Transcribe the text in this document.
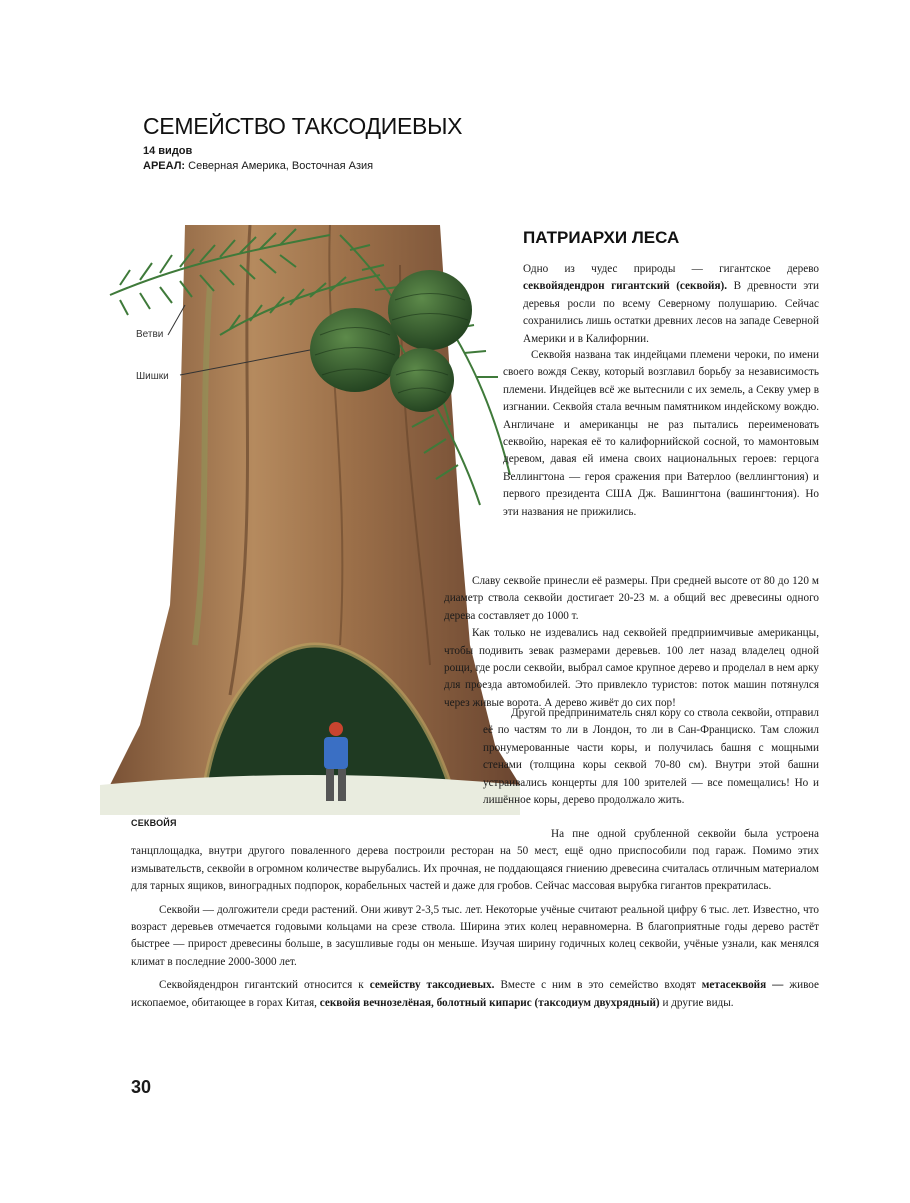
СЕМЕЙСТВО ТАКСОДИЕВЫХ
14 видов
АРЕАЛ: Северная Америка, Восточная Азия
Ветви
Шишки
СЕКВОЙЯ
ПАТРИАРХИ ЛЕСА

Одно из чудес природы — гигантское дерево секвойядендрон гигантский (секвойя). В древности эти деревья росли по всему Северному полушарию. Сейчас сохранились лишь остатки древних лесов на западе Северной Америки и в Калифорнии.

Секвойя названа так индейцами племени чероки, по имени своего вождя Секву, который возглавил борьбу за независимость племени. Индейцев всё же вытеснили с их земель, а Секву умер в изгнании. Секвойя стала вечным памятником индейскому вождю. Англичане и американцы не раз пытались переименовать секвойю, нарекая её то калифорнийской сосной, то мамонтовым деревом, давая ей имена своих национальных героев: герцога Веллингтона — героя сражения при Ватерлоо (веллингтония) и первого президента США Дж. Вашингтона (вашингтония). Но эти названия не прижились.

Славу секвойе принесли её размеры. При средней высоте от 80 до 120 м диаметр ствола секвойи достигает 20-23 м. а общий вес древесины одного дерева составляет до 1000 т.

Как только не издевались над секвойей предприимчивые американцы, чтобы подивить зевак размерами деревьев. 100 лет назад владелец одной рощи, где росли секвойи, выбрал самое крупное дерево и проделал в нем арку для проезда автомобилей. Это привлекло туристов: поток машин потянулся через живые ворота. А дерево живёт до сих пор!

Другой предприниматель снял кору со ствола секвойи, отправил её по частям то ли в Лондон, то ли в Сан-Франциско. Там сложил пронумерованные части коры, и получилась башня с мощными стенами (толщина коры секвой 70-80 см). Внутри этой башни устраивались концерты для 100 зрителей — все помещались! Но и лишённое коры, дерево продолжало жить.

На пне одной срубленной секвойи была устроена танцплощадка, внутри другого поваленного дерева построили ресторан на 50 мест, ещё одно приспособили под гараж. Помимо этих измывательств, секвойи в огромном количестве вырубались. Их прочная, не поддающаяся гниению древесина считалась отличным материалом для тарных ящиков, виноградных подпорок, корабельных частей и даже для гробов. Сейчас массовая вырубка гигантов прекратилась.

Секвойи — долгожители среди растений. Они живут 2-3,5 тыс. лет. Некоторые учёные считают реальной цифру 6 тыс. лет. Известно, что возраст деревьев отмечается годовыми кольцами на срезе ствола. Ширина этих колец неравномерна. В благоприятные годы дерево растёт быстрее — прирост древесины больше, в засушливые годы он меньше. Изучая ширину годичных колец секвойи, учёные узнали, как менялся климат в последние 2000-3000 лет.

Секвойядендрон гигантский относится к семейству таксодиевых. Вместе с ним в это семейство входят метасеквойя — живое ископаемое, обитающее в горах Китая, секвойя вечнозелёная, болотный кипарис (таксодиум двухрядный) и другие виды.

30
